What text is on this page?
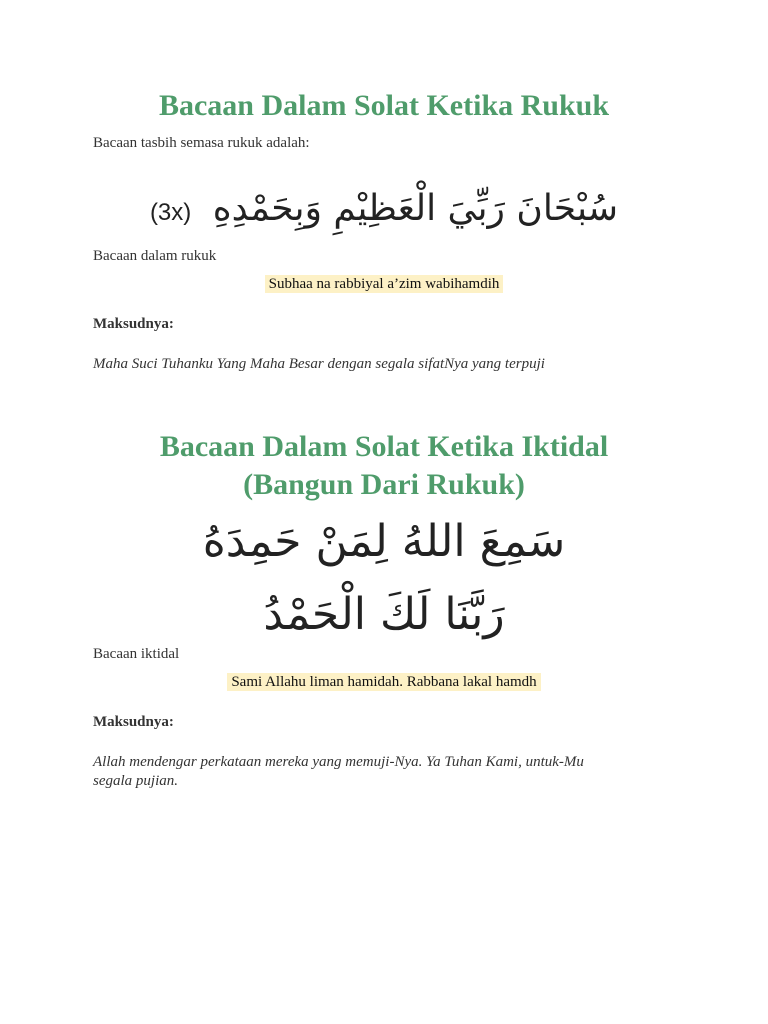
Bacaan Dalam Solat Ketika Rukuk

Bacaan tasbih semasa rukuk adalah:

سُبْحَانَ رَبِّيَ الْعَظِيْمِ وَبِحَمْدِهِ (3x)

Bacaan dalam rukuk

Subhaa na rabbiyal a’zim wabihamdih

Maksudnya:

Maha Suci Tuhanku Yang Maha Besar dengan segala sifatNya yang terpuji

Bacaan Dalam Solat Ketika Iktidal
(Bangun Dari Rukuk)
سَمِعَ اللهُ لِمَنْ حَمِدَهُ
رَبَّنَا لَكَ الْحَمْدُ

Bacaan iktidal

Sami Allahu liman hamidah. Rabbana lakal hamdh

Maksudnya:

Allah mendengar perkataan mereka yang memuji-Nya. Ya Tuhan Kami, untuk-Mu

segala pujian.
